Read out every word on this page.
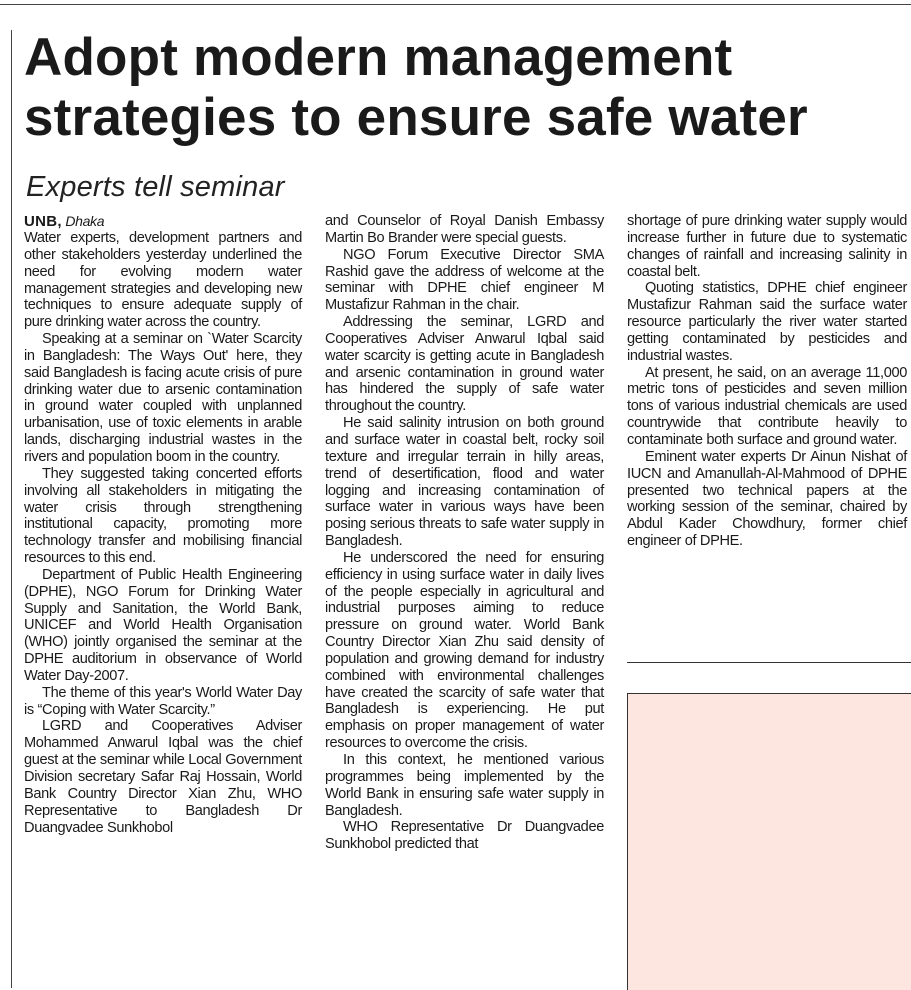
Adopt modern management strategies to ensure safe water
Experts tell seminar

UNB, Dhaka

Water experts, development partners and other stakeholders yesterday underlined the need for evolving modern water management strategies and developing new techniques to ensure adequate supply of pure drinking water across the country.

Speaking at a seminar on `Water Scarcity in Bangladesh: The Ways Out' here, they said Bangladesh is facing acute crisis of pure drinking water due to arsenic contamination in ground water coupled with unplanned urbanisation, use of toxic elements in arable lands, discharging industrial wastes in the rivers and population boom in the country.

They suggested taking concerted efforts involving all stakeholders in mitigating the water crisis through strengthening institutional capacity, promoting more technology transfer and mobilising financial resources to this end.

Department of Public Health Engineering (DPHE), NGO Forum for Drinking Water Supply and Sanitation, the World Bank, UNICEF and World Health Organisation (WHO) jointly organised the seminar at the DPHE auditorium in observance of World Water Day-2007.

The theme of this year's World Water Day is “Coping with Water Scarcity.”

LGRD and Cooperatives Adviser Mohammed Anwarul Iqbal was the chief guest at the seminar while Local Government Division secretary Safar Raj Hossain, World Bank Country Director Xian Zhu, WHO Representative to Bangladesh Dr Duangvadee Sunkhobol

and Counselor of Royal Danish Embassy Martin Bo Brander were special guests.

NGO Forum Executive Director SMA Rashid gave the address of welcome at the seminar with DPHE chief engineer M Mustafizur Rahman in the chair.

Addressing the seminar, LGRD and Cooperatives Adviser Anwarul Iqbal said water scarcity is getting acute in Bangladesh and arsenic contamination in ground water has hindered the supply of safe water throughout the country.

He said salinity intrusion on both ground and surface water in coastal belt, rocky soil texture and irregular terrain in hilly areas, trend of desertification, flood and water logging and increasing contamination of surface water in various ways have been posing serious threats to safe water supply in Bangladesh.

He underscored the need for ensuring efficiency in using surface water in daily lives of the people especially in agricultural and industrial purposes aiming to reduce pressure on ground water. World Bank Country Director Xian Zhu said density of population and growing demand for industry combined with environmental challenges have created the scarcity of safe water that Bangladesh is experiencing. He put emphasis on proper management of water resources to overcome the crisis.

In this context, he mentioned various programmes being implemented by the World Bank in ensuring safe water supply in Bangladesh.

WHO Representative Dr Duangvadee Sunkhobol predicted that

shortage of pure drinking water supply would increase further in future due to systematic changes of rainfall and increasing salinity in coastal belt.

Quoting statistics, DPHE chief engineer Mustafizur Rahman said the surface water resource particularly the river water started getting contaminated by pesticides and industrial wastes.

At present, he said, on an average 11,000 metric tons of pesticides and seven million tons of various industrial chemicals are used countrywide that contribute heavily to contaminate both surface and ground water.

Eminent water experts Dr Ainun Nishat of IUCN and Amanullah-Al-Mahmood of DPHE presented two technical papers at the working session of the seminar, chaired by Abdul Kader Chowdhury, former chief engineer of DPHE.
